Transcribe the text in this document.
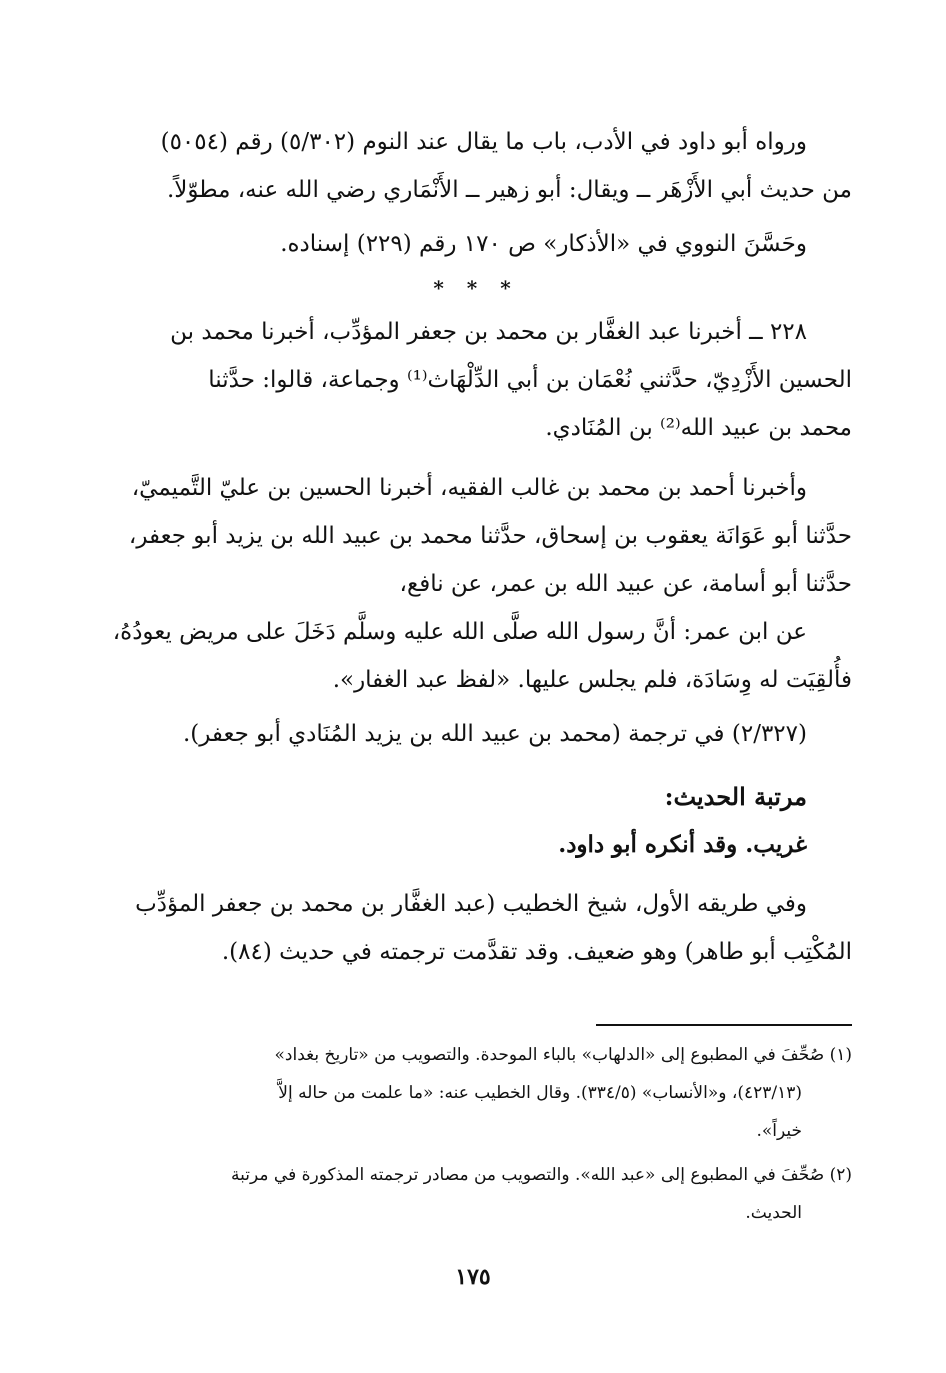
ورواه أبو داود في الأدب، باب ما يقال عند النوم (٥/٣٠٢) رقم (٥٠٥٤)
من حديث أبي الأَزْهَر ــ ويقال: أبو زهير ــ الأَنْمَاري رضي الله عنه، مطوّلاً.
وحَسَّنَ النووي في «الأذكار» ص ١٧٠ رقم (٢٢٩) إسناده.
* * *
٢٢٨ ــ أخبرنا عبد الغفَّار بن محمد بن جعفر المؤدِّب، أخبرنا محمد بن
الحسين الأَزْدِيّ، حدَّثني نُعْمَان بن أبي الدِّلْهَاث⁽¹⁾ وجماعة، قالوا: حدَّثنا
محمد بن عبيد الله⁽²⁾ بن المُنَادي.
وأخبرنا أحمد بن محمد بن غالب الفقيه، أخبرنا الحسين بن عليّ التَّميميّ،
حدَّثنا أبو عَوَانَة يعقوب بن إسحاق، حدَّثنا محمد بن عبيد الله بن يزيد أبو جعفر،
حدَّثنا أبو أسامة، عن عبيد الله بن عمر، عن نافع،
عن ابن عمر: أنَّ رسول الله صلَّى الله عليه وسلَّم دَخَلَ على مريض يعودُهُ،
فأُلقِيَت له وِسَادَة، فلم يجلس عليها. «لفظ عبد الغفار».
(٢/٣٢٧) في ترجمة (محمد بن عبيد الله بن يزيد المُنَادي أبو جعفر).
مرتبة الحديث:
غريب. وقد أنكره أبو داود.
وفي طريقه الأول، شيخ الخطيب (عبد الغفَّار بن محمد بن جعفر المؤدِّب
المُكْتِب أبو طاهر) وهو ضعيف. وقد تقدَّمت ترجمته في حديث (٨٤).
(١) صُحِّفَ في المطبوع إلى «الدلهاب» بالباء الموحدة. والتصويب من «تاريخ بغداد»
(٤٢٣/١٣)، و«الأنساب» (٣٣٤/٥). وقال الخطيب عنه: «ما علمت من حاله إلاَّ
خيراً».
(٢) صُحِّفَ في المطبوع إلى «عبد الله». والتصويب من مصادر ترجمته المذكورة في مرتبة
الحديث.
١٧٥
